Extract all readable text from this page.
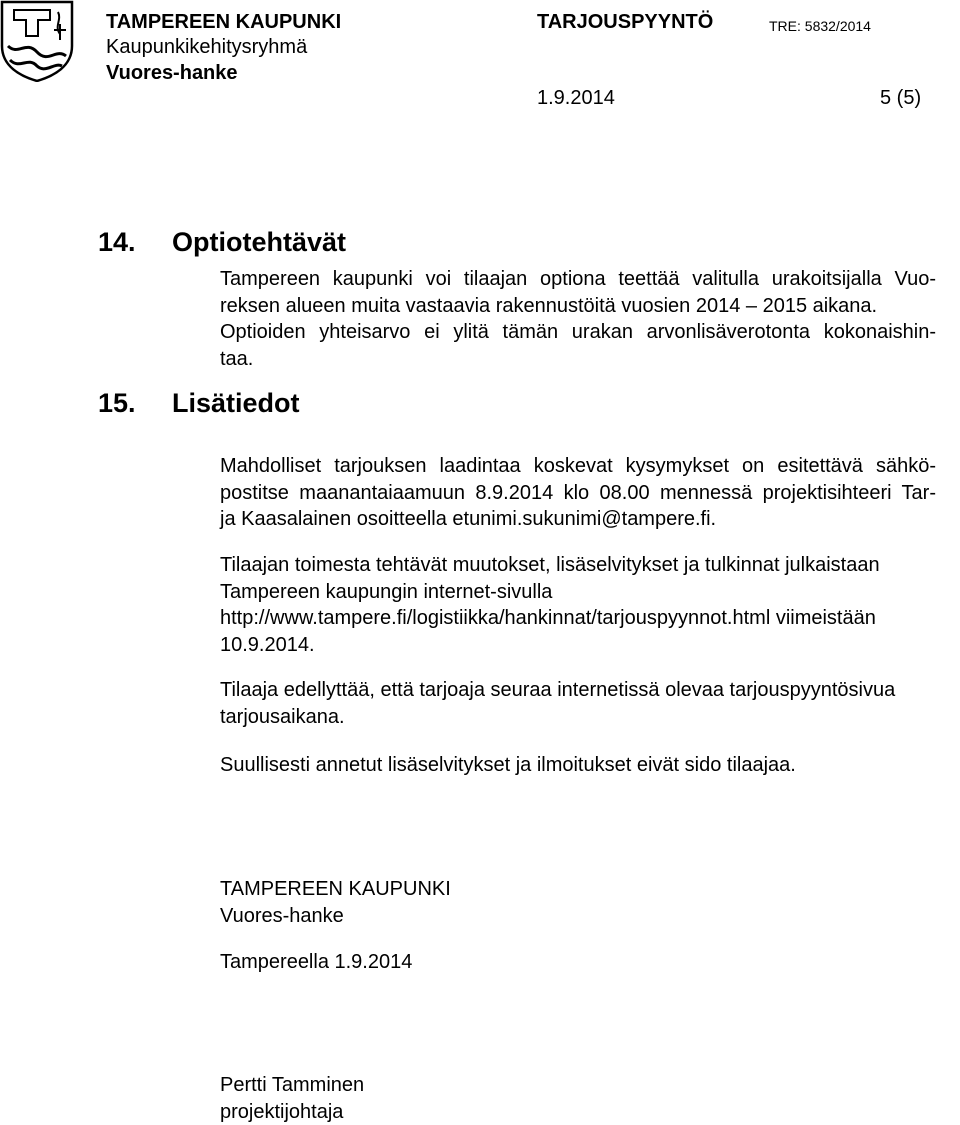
TAMPEREEN KAUPUNKI
Kaupunkikehitysryhmä
Vuores-hanke
TARJOUSPYYNTÖ	TRE: 5832/2014
1.9.2014	5 (5)
14. Optiotehtävät
Tampereen kaupunki voi tilaajan optiona teettää valitulla urakoitsijalla Vuo-
reksen alueen muita vastaavia rakennustöitä vuosien 2014 – 2015 aikana.
Optioiden yhteisarvo ei ylitä tämän urakan arvonlisäverotonta kokonaishin-
taa.
15. Lisätiedot
Mahdolliset tarjouksen laadintaa koskevat kysymykset on esitettävä sähkö-
postitse maanantaiaamuun 8.9.2014 klo 08.00 mennessä projektisihteeri Tar-
ja Kaasalainen osoitteella etunimi.sukunimi@tampere.fi.
Tilaajan toimesta tehtävät muutokset, lisäselvitykset ja tulkinnat julkaistaan
Tampereen kaupungin internet-sivulla
http://www.tampere.fi/logistiikka/hankinnat/tarjouspyynnot.html viimeistään
10.9.2014.
Tilaaja edellyttää, että tarjoaja seuraa internetissä olevaa tarjouspyyntösivua
tarjousaikana.
Suullisesti annetut lisäselvitykset ja ilmoitukset eivät sido tilaajaa.
TAMPEREEN KAUPUNKI
Vuores-hanke
Tampereella 1.9.2014
Pertti Tamminen
projektijohtaja
